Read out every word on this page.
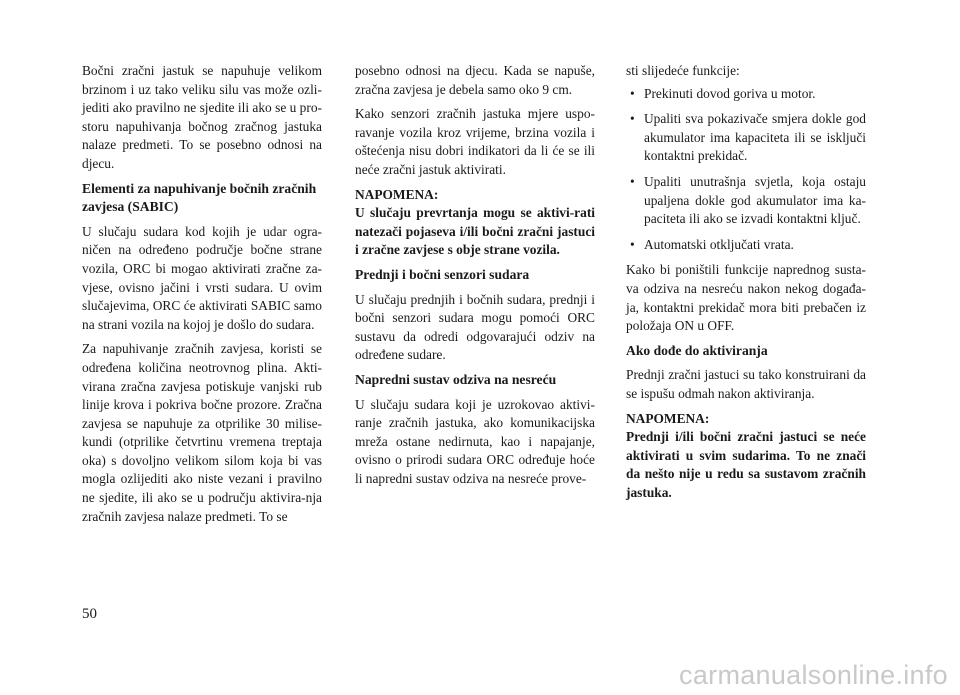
Bočni zračni jastuk se napuhuje velikom brzinom i uz tako veliku silu vas može ozli-jediti ako pravilno ne sjedite ili ako se u pro-storu napuhivanja bočnog zračnog jastuka nalaze predmeti. To se posebno odnosi na djecu.

Elementi za napuhivanje bočnih zračnih zavjesa (SABIC)

U slučaju sudara kod kojih je udar ogra-ničen na određeno područje bočne strane vozila, ORC bi mogao aktivirati zračne za-vjese, ovisno jačini i vrsti sudara. U ovim slučajevima, ORC će aktivirati SABIC samo na strani vozila na kojoj je došlo do sudara.

Za napuhivanje zračnih zavjesa, koristi se određena količina neotrovnog plina. Akti-virana zračna zavjesa potiskuje vanjski rub linije krova i pokriva bočne prozore. Zračna zavjesa se napuhuje za otprilike 30 milise-kundi (otprilike četvrtinu vremena treptaja oka) s dovoljno velikom silom koja bi vas mogla ozlijediti ako niste vezani i pravilno ne sjedite, ili ako se u području aktivira-nja zračnih zavjesa nalaze predmeti. To se

posebno odnosi na djecu. Kada se napuše, zračna zavjesa je debela samo oko 9 cm.

Kako senzori zračnih jastuka mjere uspo-ravanje vozila kroz vrijeme, brzina vozila i oštećenja nisu dobri indikatori da li će se ili neće zračni jastuk aktivirati.

NAPOMENA:

U slučaju prevrtanja mogu se aktivi-rati natezači pojaseva i/ili bočni zračni jastuci i zračne zavjese s obje strane vozila.

Prednji i bočni senzori sudara

U slučaju prednjih i bočnih sudara, prednji i bočni senzori sudara mogu pomoći ORC sustavu da odredi odgovarajući odziv na određene sudare.

Napredni sustav odziva na nesreću

U slučaju sudara koji je uzrokovao aktivi-ranje zračnih jastuka, ako komunikacijska mreža ostane nedirnuta, kao i napajanje, ovisno o prirodi sudara ORC određuje hoće li napredni sustav odziva na nesreće prove-

sti slijedeće funkcije:

• Prekinuti dovod goriva u motor.
• Upaliti sva pokazivače smjera dokle god akumulator ima kapaciteta ili se isključi kontaktni prekidač.
• Upaliti unutrašnja svjetla, koja ostaju upaljena dokle god akumulator ima ka-paciteta ili ako se izvadi kontaktni ključ.
• Automatski otključati vrata.

Kako bi poništili funkcije naprednog susta-va odziva na nesreću nakon nekog događa-ja, kontaktni prekidač mora biti prebačen iz položaja ON u OFF.

Ako dođe do aktiviranja

Prednji zračni jastuci su tako konstruirani da se ispušu odmah nakon aktiviranja.

NAPOMENA:

Prednji i/ili bočni zračni jastuci se neće aktivirati u svim sudarima. To ne znači da nešto nije u redu sa sustavom zračnih jastuka.

50
carmanualsonline.info
